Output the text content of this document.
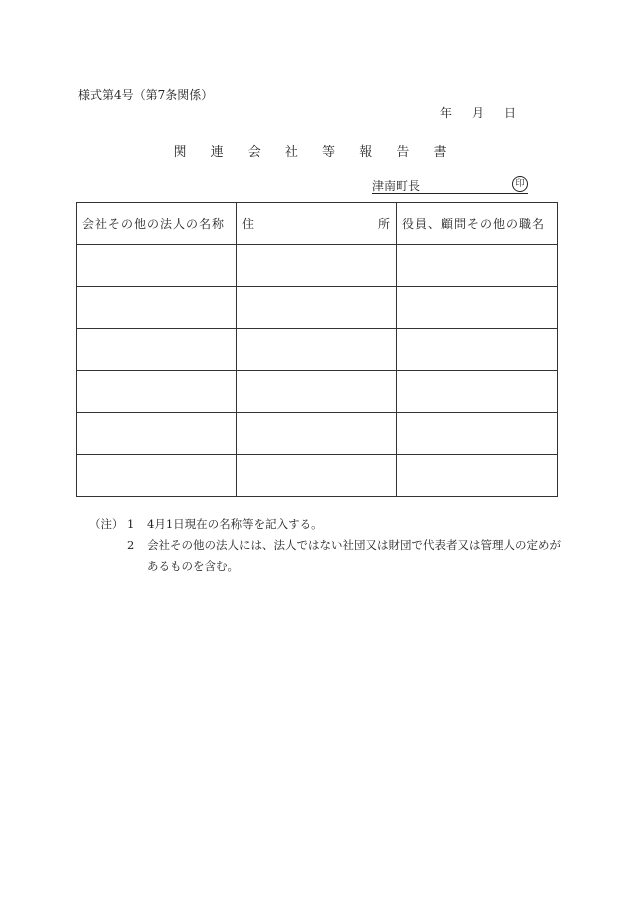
様式第4号（第7条関係）
年 月 日
関 連 会 社 等 報 告 書
津南町長	印
会社その他の法人の名称	住 所	役員、顧問その他の職名

（注） 1	4月1日現在の名称等を記入する。
2	会社その他の法人には、法人ではない社団又は財団で代表者又は管理人の定めがあるものを含む。
